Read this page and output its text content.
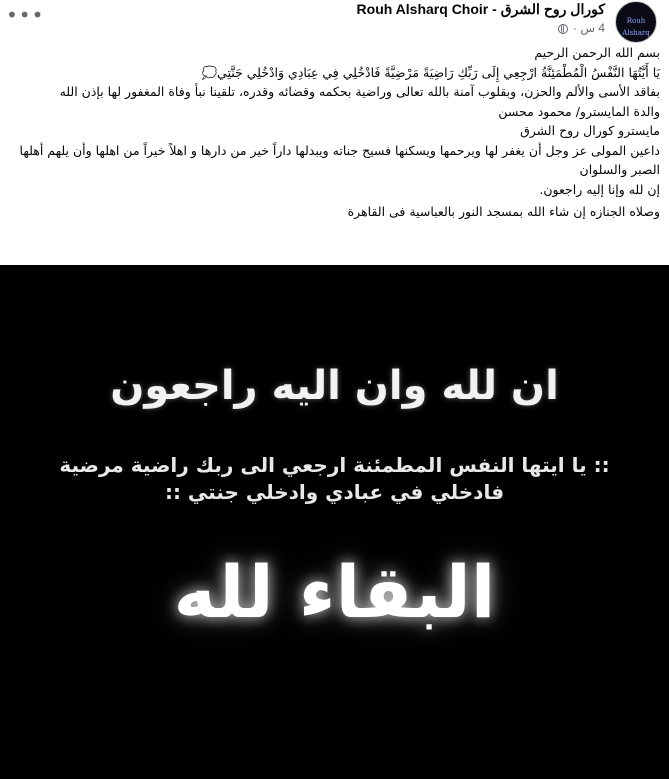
•••	Rouh Alsharq
Rouh Alsharq Choir - كورال روح الشرق
4 س ·

بسم الله الرحمن الرحيم

يَا أَيَّتُهَا النَّفْسُ الْمُطْمَئِنَّةُ ارْجِعِي إِلَى رَبِّكِ رَاضِيَةً مَرْضِيَّةً فَادْخُلِي فِي عِبَادِي وَادْخُلِي جَنَّتِي💭

بفاقد الأسى والألم والحزن، وبقلوب آمنة بالله تعالى وراضية بحكمه وقضائه وقدره، تلقينا نبأ وفاة المغفور لها بإذن الله

والدة المايسترو/ محمود محسن

مايسترو كورال روح الشرق

داعين المولى عز وجل أن يغفر لها ويرحمها ويسكنها فسيح جناته ويبدلها داراً خير من دارها و اهلاً خيراً من اهلها وأن يلهم أهلها الصبر والسلوان

إن لله وإنا إليه راجعون.

وصلاه الجنازه إن شاء الله بمسجد النور بالعباسية فى القاهرة

ان لله وان اليه راجعون
:: يا ايتها النفس المطمئنة ارجعي الى ربك راضية مرضية
فادخلي في عبادي وادخلي جنتي ::
البقاء لله
